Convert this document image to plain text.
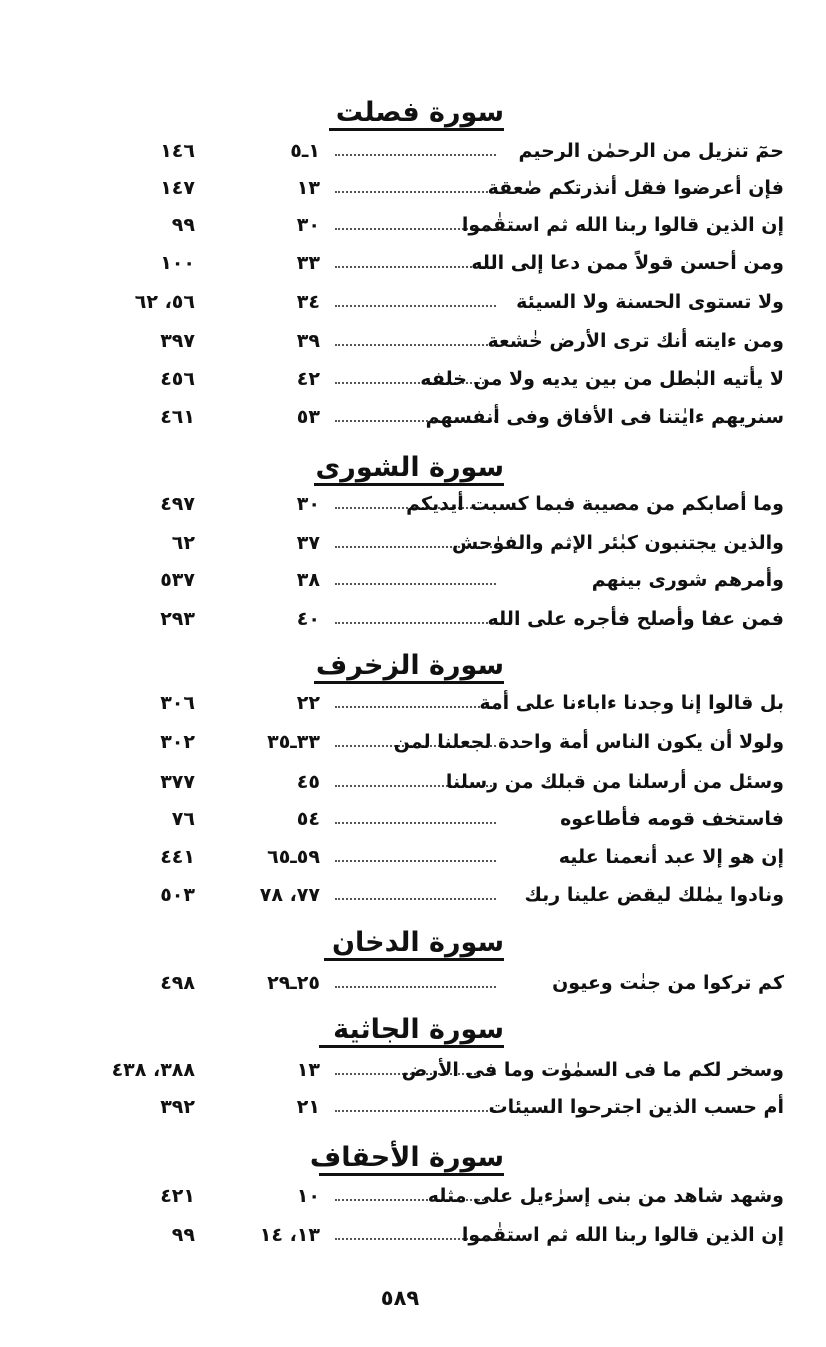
سورة فصلت
حمٓ تنزيل من الرحمٰن الرحيم
١ـ٥
١٤٦
فإن أعرضوا فقل أنذرتكم صٰعقة
١٣
١٤٧
إن الذين قالوا ربنا الله ثم استقٰموا
٣٠
٩٩
ومن أحسن قولاً ممن دعا إلى الله
٣٣
١٠٠
ولا تستوى الحسنة ولا السيئة
٣٤
٥٦، ٦٢
ومن ءايته أنك ترى الأرض خٰشعة
٣٩
٣٩٧
لا يأتيه البٰطل من بين يديه ولا من خلفه
٤٢
٤٥٦
سنريهم ءايٰتنا فى الأفاق وفى أنفسهم
٥٣
٤٦١
سورة الشورى
وما أصابكم من مصيبة فبما كسبت أيديكم
٣٠
٤٩٧
والذين يجتنبون كبٰئر الإثم والفوٰحش
٣٧
٦٢
وأمرهم شورى بينهم
٣٨
٥٣٧
فمن عفا وأصلح فأجره على الله
٤٠
٢٩٣
سورة الزخرف
بل قالوا إنا وجدنا ءاباءنا على أمة
٢٢
٣٠٦
ولولا أن يكون الناس أمة واحدة لجعلنا لمن
٣٣ـ٣٥
٣٠٢
وسئل من أرسلنا من قبلك من رسلنا
٤٥
٣٧٧
فاستخف قومه فأطاعوه
٥٤
٧٦
إن هو إلا عبد أنعمنا عليه
٥٩ـ٦٥
٤٤١
ونادوا يمٰلك ليقض علينا ربك
٧٧، ٧٨
٥٠٣
سورة الدخان
كم تركوا من جنٰت وعيون
٢٥ـ٢٩
٤٩٨
سورة الجاثية
وسخر لكم ما فى السمٰوٰت وما فى الأرض
١٣
٣٨٨، ٤٣٨
أم حسب الذين اجترحوا السيئات
٢١
٣٩٢
سورة الأحقاف
وشهد شاهد من بنى إسرٰءيل على مثله
١٠
٤٢١
إن الذين قالوا ربنا الله ثم استقٰموا
١٣، ١٤
٩٩
٥٨٩
